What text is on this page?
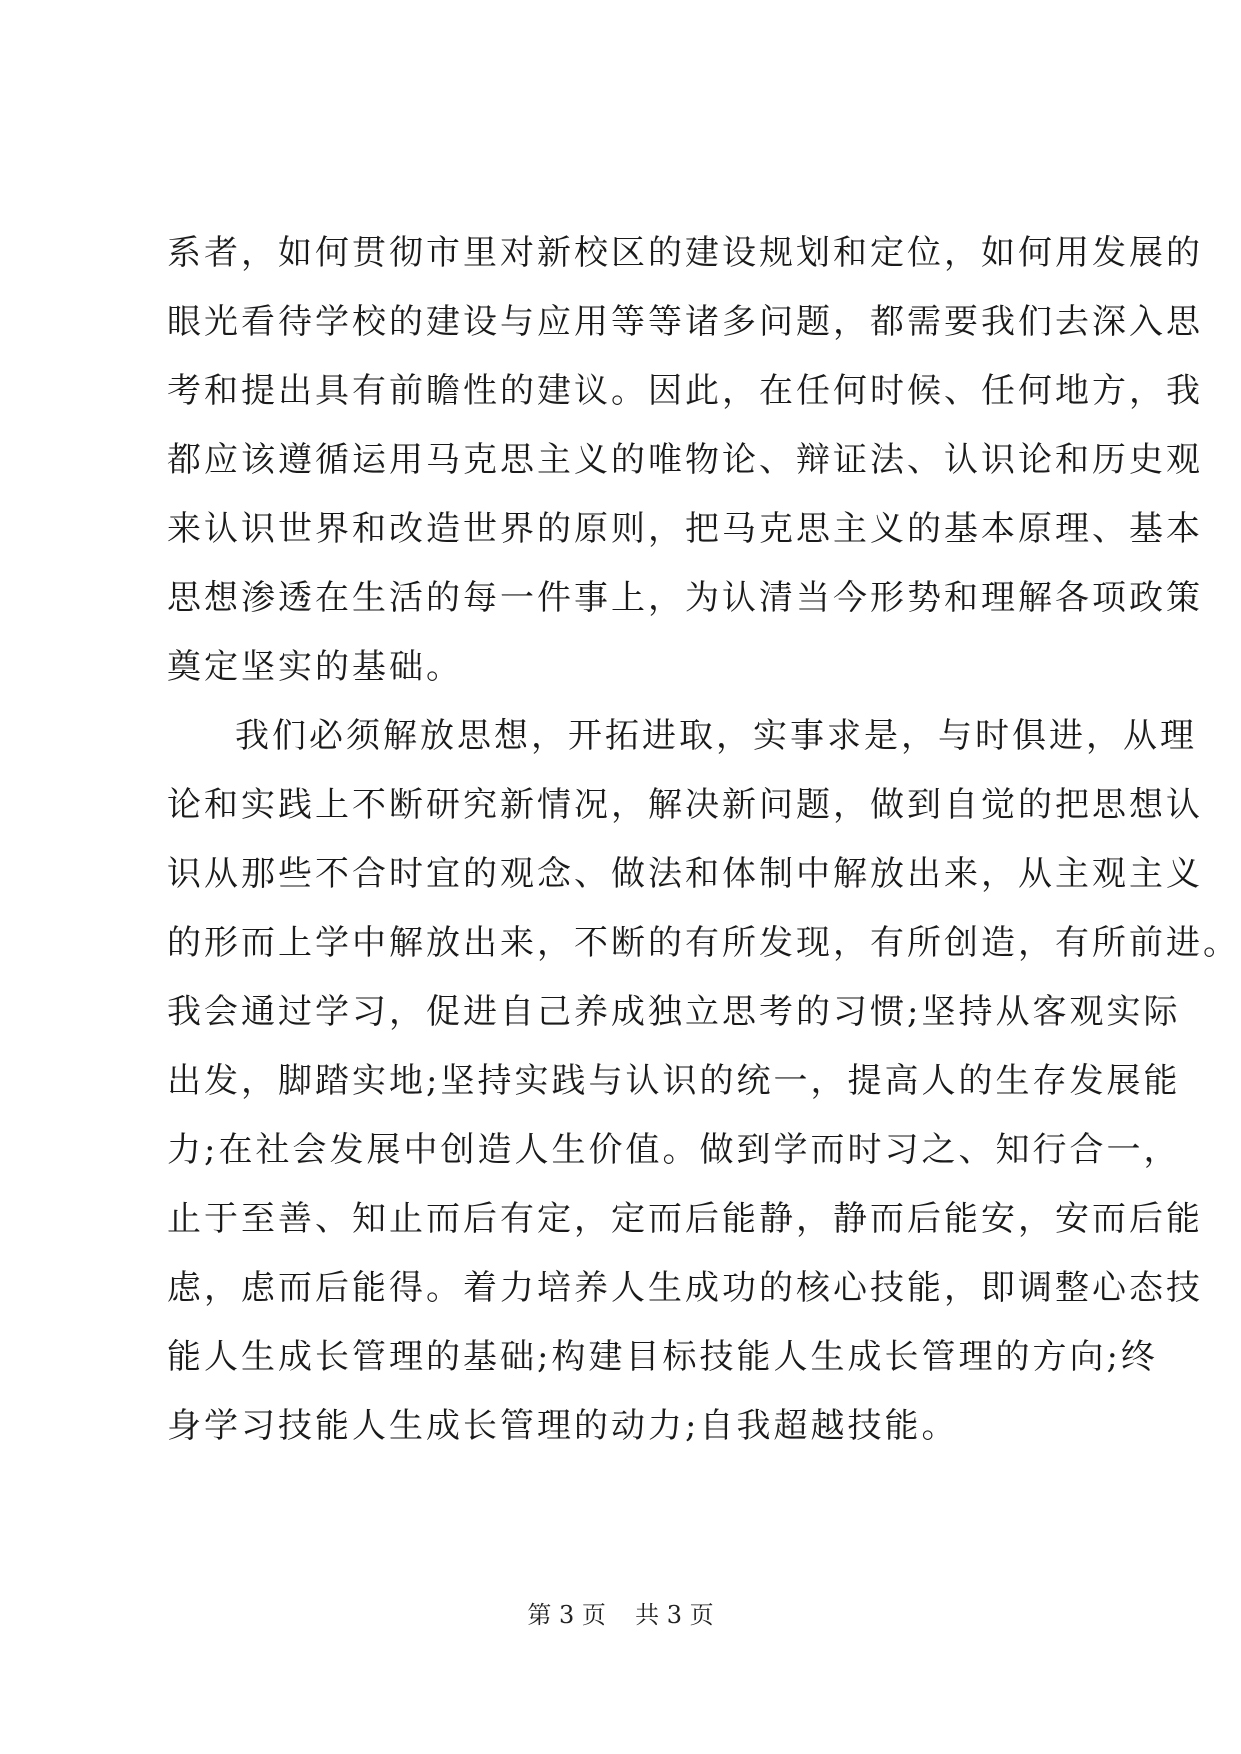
系者，如何贯彻市里对新校区的建设规划和定位，如何用发展的
眼光看待学校的建设与应用等等诸多问题，都需要我们去深入思
考和提出具有前瞻性的建议。因此，在任何时候、任何地方，我
都应该遵循运用马克思主义的唯物论、辩证法、认识论和历史观
来认识世界和改造世界的原则，把马克思主义的基本原理、基本
思想渗透在生活的每一件事上，为认清当今形势和理解各项政策
奠定坚实的基础。
我们必须解放思想，开拓进取，实事求是，与时俱进，从理
论和实践上不断研究新情况，解决新问题，做到自觉的把思想认
识从那些不合时宜的观念、做法和体制中解放出来，从主观主义
的形而上学中解放出来，不断的有所发现，有所创造，有所前进。
我会通过学习，促进自己养成独立思考的习惯;坚持从客观实际
出发，脚踏实地;坚持实践与认识的统一，提高人的生存发展能
力;在社会发展中创造人生价值。做到学而时习之、知行合一，
止于至善、知止而后有定，定而后能静，静而后能安，安而后能
虑，虑而后能得。着力培养人生成功的核心技能，即调整心态技
能人生成长管理的基础;构建目标技能人生成长管理的方向;终
身学习技能人生成长管理的动力;自我超越技能。
第 3 页 共 3 页
